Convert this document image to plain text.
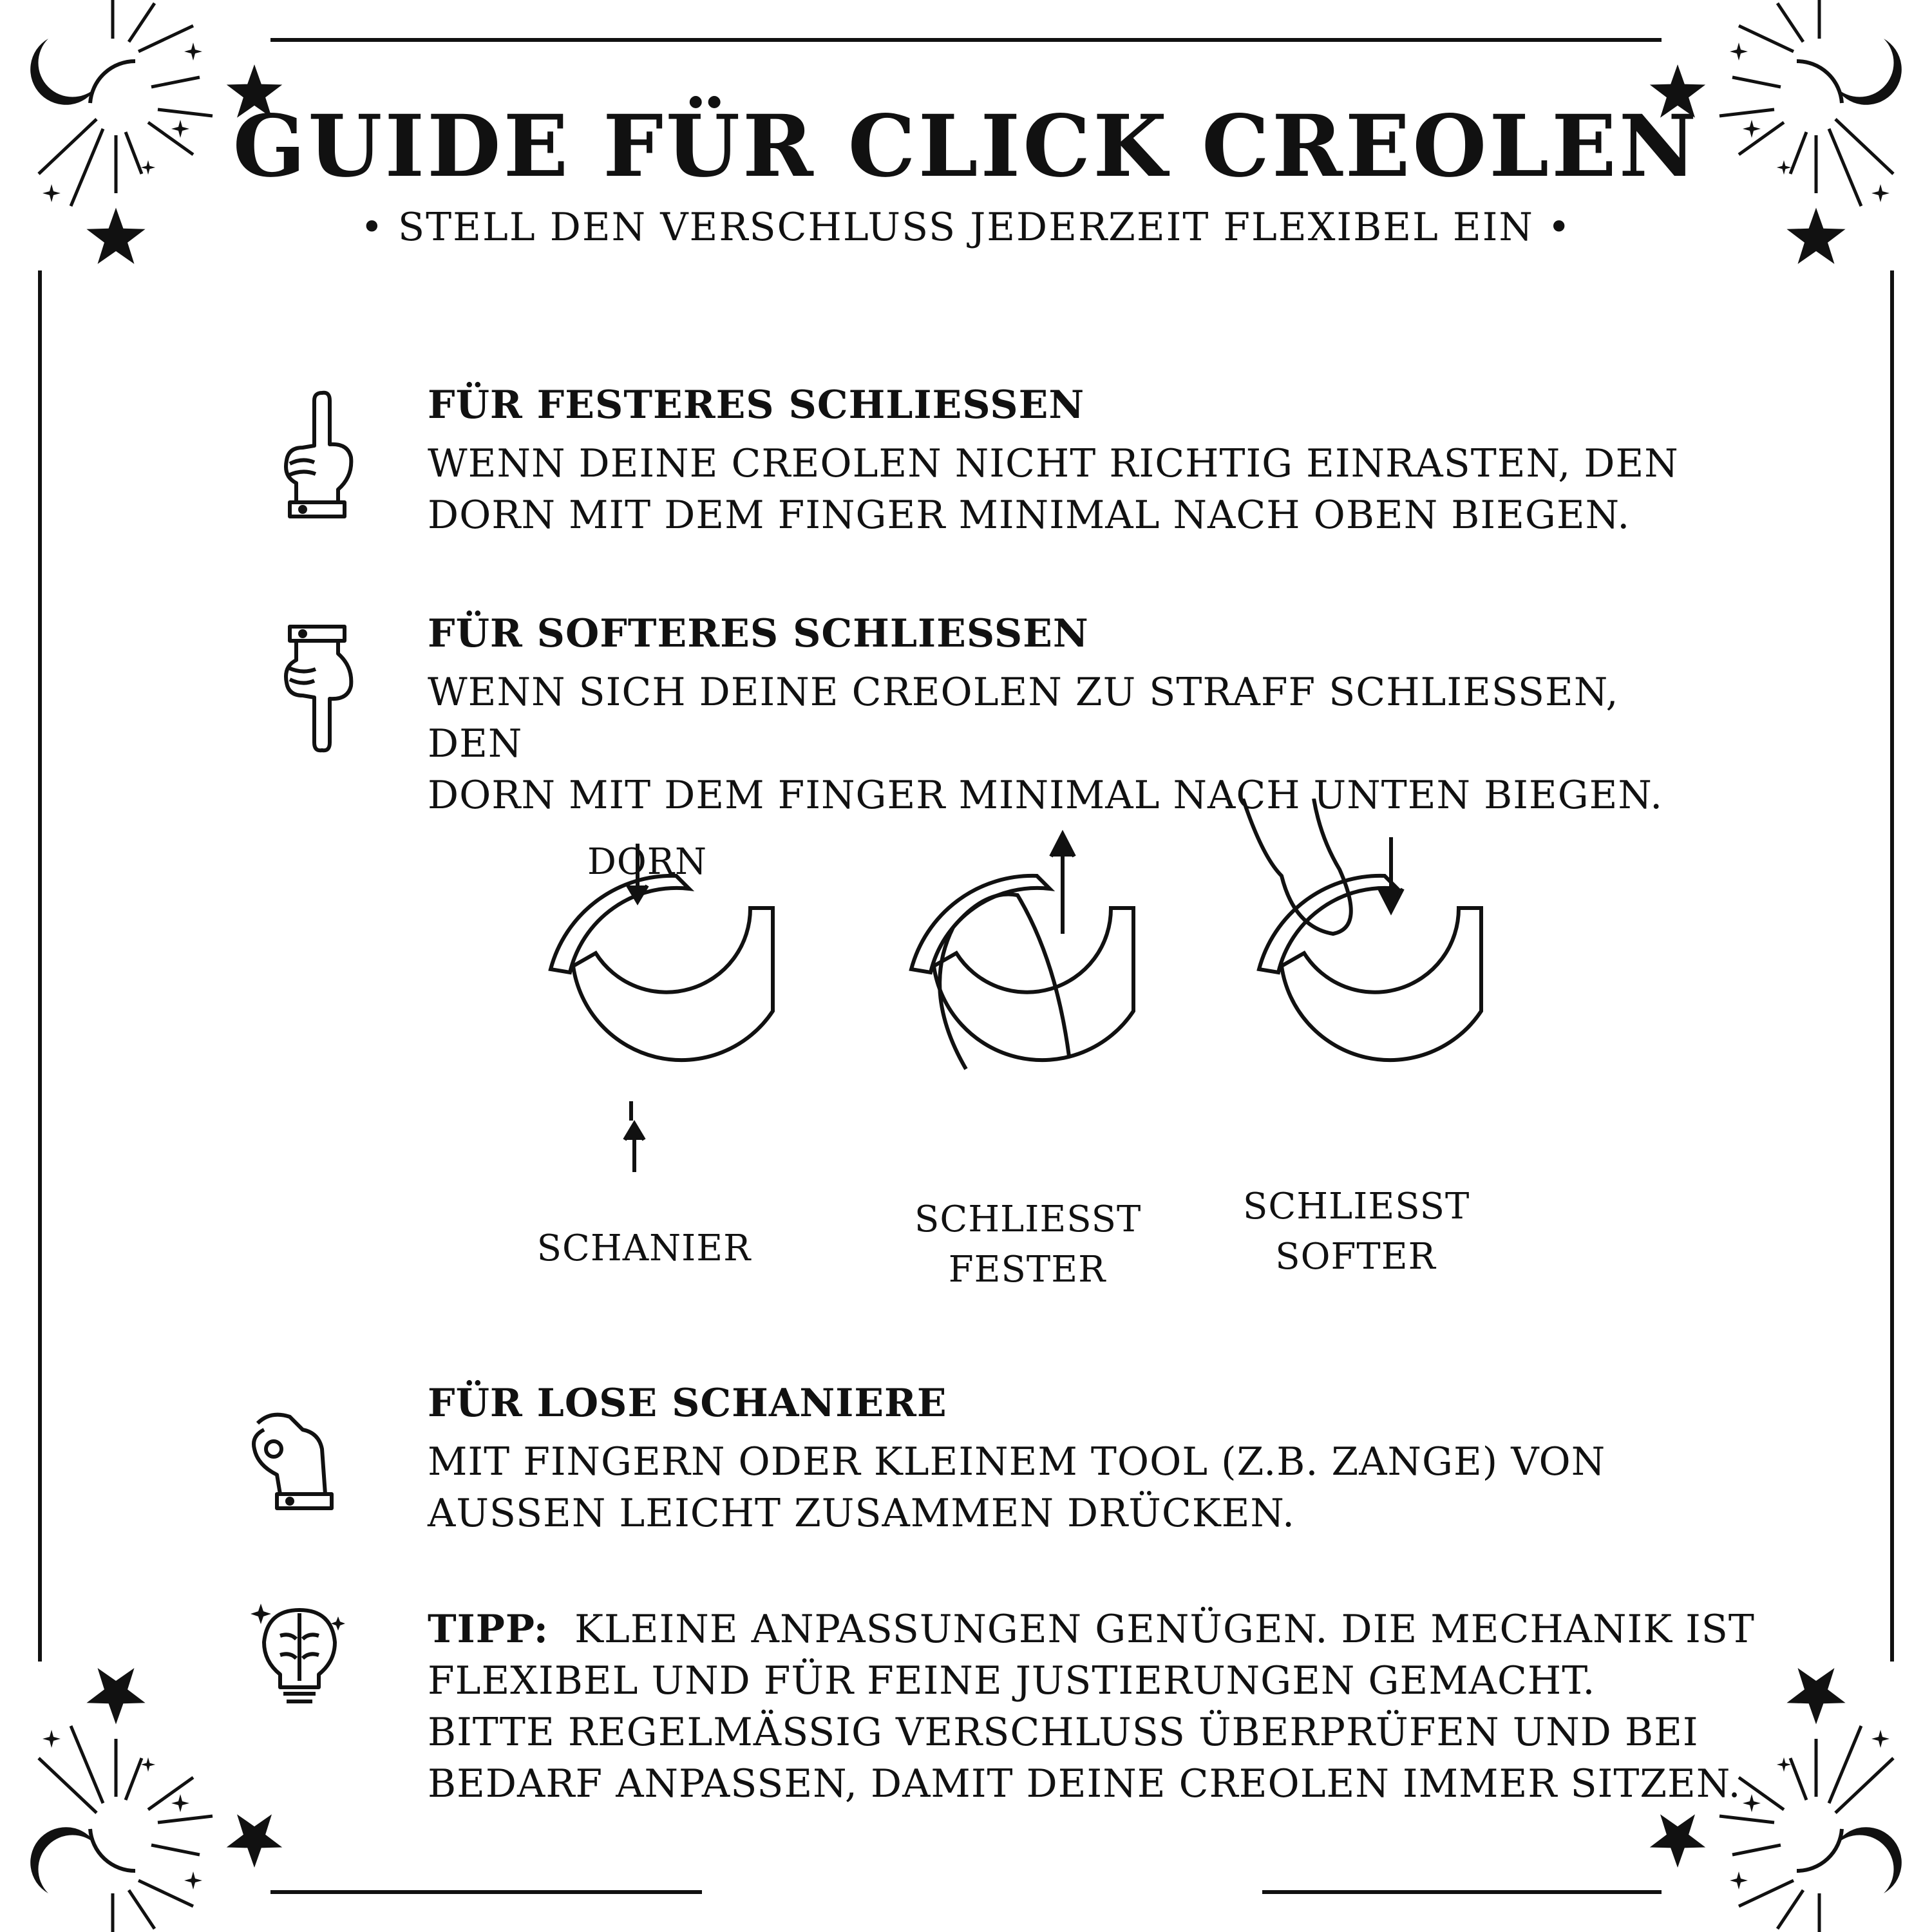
GUIDE FÜR CLICK CREOLEN
• STELL DEN VERSCHLUSS JEDERZEIT FLEXIBEL EIN •
FÜR FESTERES SCHLIESSEN
WENN DEINE CREOLEN NICHT RICHTIG EINRASTEN, DEN
DORN MIT DEM FINGER MINIMAL NACH OBEN BIEGEN.
FÜR SOFTERES SCHLIESSEN
WENN SICH DEINE CREOLEN ZU STRAFF SCHLIESSEN, DEN
DORN MIT DEM FINGER MINIMAL NACH UNTEN BIEGEN.
DORN
SCHANIER
SCHLIESST
FESTER
SCHLIESST
SOFTER
FÜR LOSE SCHANIERE
MIT FINGERN ODER KLEINEM TOOL (Z.B. ZANGE) VON
AUSSEN LEICHT ZUSAMMEN DRÜCKEN.
TIPP: KLEINE ANPASSUNGEN GENÜGEN. DIE MECHANIK IST
FLEXIBEL UND FÜR FEINE JUSTIERUNGEN GEMACHT.
BITTE REGELMÄSSIG VERSCHLUSS ÜBERPRÜFEN UND BEI
BEDARF ANPASSEN, DAMIT DEINE CREOLEN IMMER SITZEN.
